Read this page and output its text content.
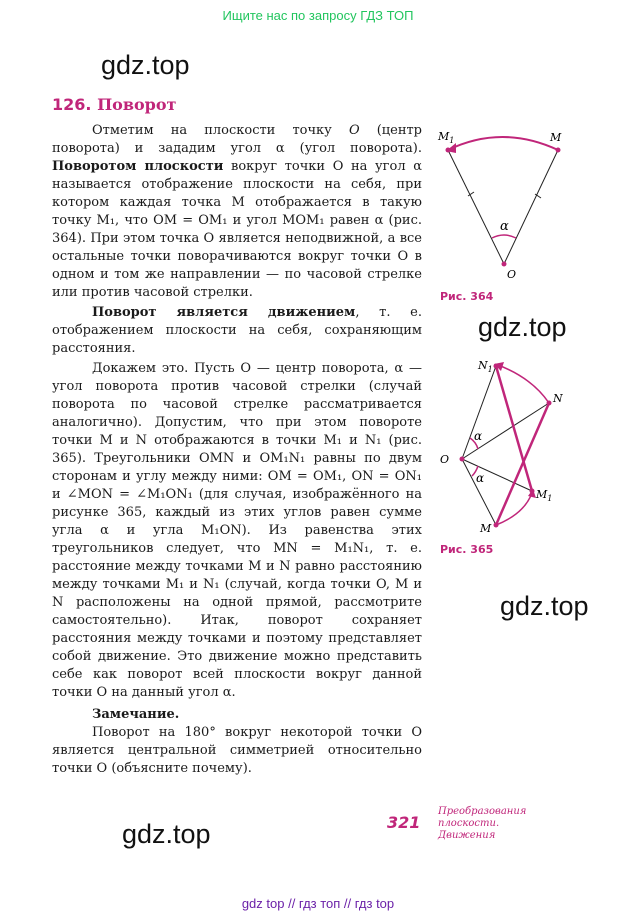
Ищите нас по запросу ГДЗ ТОП
gdz.top
gdz.top
gdz.top
gdz.top
126. Поворот

Отметим на плоскости точку O (центр поворота) и зададим угол α (угол поворота). Поворотом плоскости вокруг точки O на угол α называется отображение плоскости на себя, при котором каждая точка M отображается в такую точку M₁, что OM = OM₁ и угол MOM₁ равен α (рис. 364). При этом точка O является неподвижной, а все остальные точки поворачиваются вокруг точки O в одном и том же направлении — по часовой стрелке или против часовой стрелки.

Поворот является движением, т. е. отображением плоскости на себя, сохраняющим расстояния.

Докажем это. Пусть O — центр поворота, α — угол поворота против часовой стрелки (случай поворота по часовой стрелке рассматривается аналогично). Допустим, что при этом повороте точки M и N отображаются в точки M₁ и N₁ (рис. 365). Треугольники OMN и OM₁N₁ равны по двум сторонам и углу между ними: OM = OM₁, ON = ON₁ и ∠MON = ∠M₁ON₁ (для случая, изображённого на рисунке 365, каждый из этих углов равен сумме угла α и угла M₁ON). Из равенства этих треугольников следует, что MN = M₁N₁, т. е. расстояние между точками M и N равно расстоянию между точками M₁ и N₁ (случай, когда точки O, M и N расположены на одной прямой, рассмотрите самостоятельно). Итак, поворот сохраняет расстояния между точками и поэтому представляет собой движение. Это движение можно представить себе как поворот всей плоскости вокруг данной точки O на данный угол α.

Замечание.

Поворот на 180° вокруг некоторой точки O является центральной симметрией относительно точки O (объясните почему).

$M_1$	M
α
O
Рис. 364
$N_1$
N
O
$M_1$
M
α
α
Рис. 365
321
Преобразования
плоскости.
Движения
gdz top // гдз топ // гдз top
